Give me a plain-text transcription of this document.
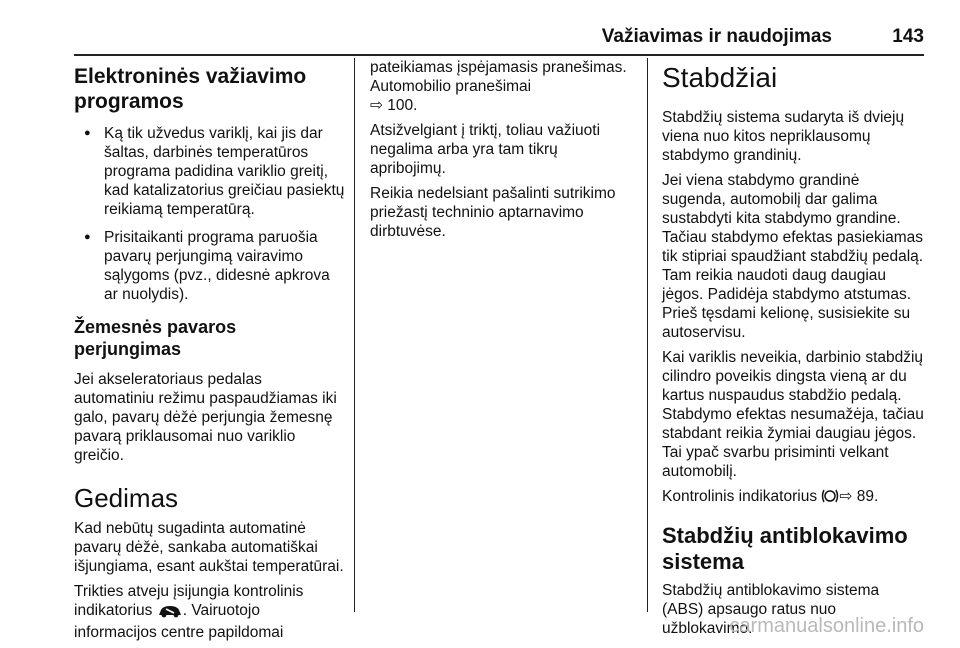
Važiavimas ir naudojimas	143
Elektroninės važiavimo programos
● Ką tik užvedus variklį, kai jis dar šaltas, darbinės temperatūros programa padidina variklio greitį, kad katalizatorius greičiau pasiektų reikiamą temperatūrą.
● Prisitaikanti programa paruošia pavarų perjungimą vairavimo sąlygoms (pvz., didesnė apkrova ar nuolydis).
Žemesnės pavaros perjungimas

Jei akseleratoriaus pedalas automatiniu režimu paspaudžiamas iki galo, pavarų dėžė perjungia žemesnę pavarą priklausomai nuo variklio greičio.

Gedimas

Kad nebūtų sugadinta automatinė pavarų dėžė, sankaba automatiškai išjungiama, esant aukštai temperatūrai.

Trikties atveju įsijungia kontrolinis indikatorius . Vairuotojo informacijos centre papildomai

pateikiamas įspėjamasis pranešimas. Automobilio pranešimai
⇨ 100.

Atsižvelgiant į triktį, toliau važiuoti negalima arba yra tam tikrų apribojimų.

Reikia nedelsiant pašalinti sutrikimo priežastį techninio aptarnavimo dirbtuvėse.

Stabdžiai

Stabdžių sistema sudaryta iš dviejų viena nuo kitos nepriklausomų stabdymo grandinių.

Jei viena stabdymo grandinė sugenda, automobilį dar galima sustabdyti kita stabdymo grandine. Tačiau stabdymo efektas pasiekiamas tik stipriai spaudžiant stabdžių pedalą. Tam reikia naudoti daug daugiau jėgos. Padidėja stabdymo atstumas. Prieš tęsdami kelionę, susisiekite su autoservisu.

Kai variklis neveikia, darbinio stabdžių cilindro poveikis dingsta vieną ar du kartus nuspaudus stabdžio pedalą. Stabdymo efektas nesumažėja, tačiau stabdant reikia žymiai daugiau jėgos. Tai ypač svarbu prisiminti velkant automobilį.

Kontrolinis indikatorius ⇨ 89.

Stabdžių antiblokavimo sistema

Stabdžių antiblokavimo sistema (ABS) apsaugo ratus nuo užblokavimo.

carmanualsonline.info
